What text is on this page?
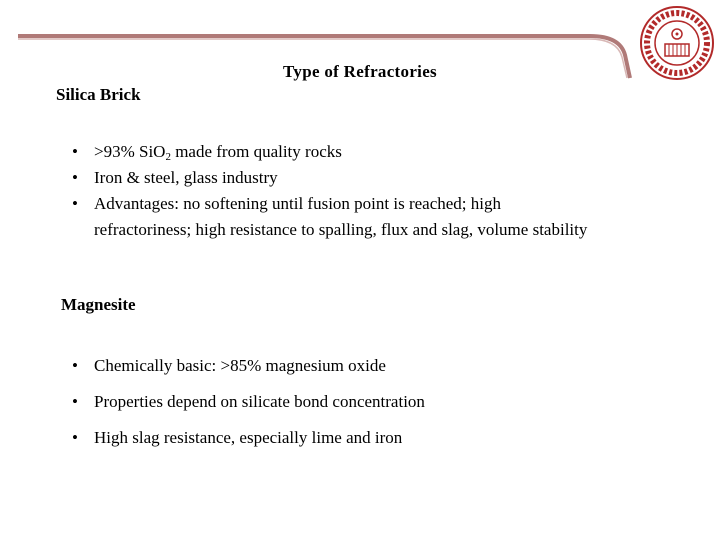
Type of Refractories
Silica Brick
• >93% SiO$_2$ made from quality rocks
• Iron & steel, glass industry
• Advantages: no softening until fusion point is reached; high refractoriness; high resistance to spalling, flux and slag, volume stability
Magnesite
• Chemically basic: >85% magnesium oxide
• Properties depend on silicate bond concentration
• High slag resistance, especially lime and iron
